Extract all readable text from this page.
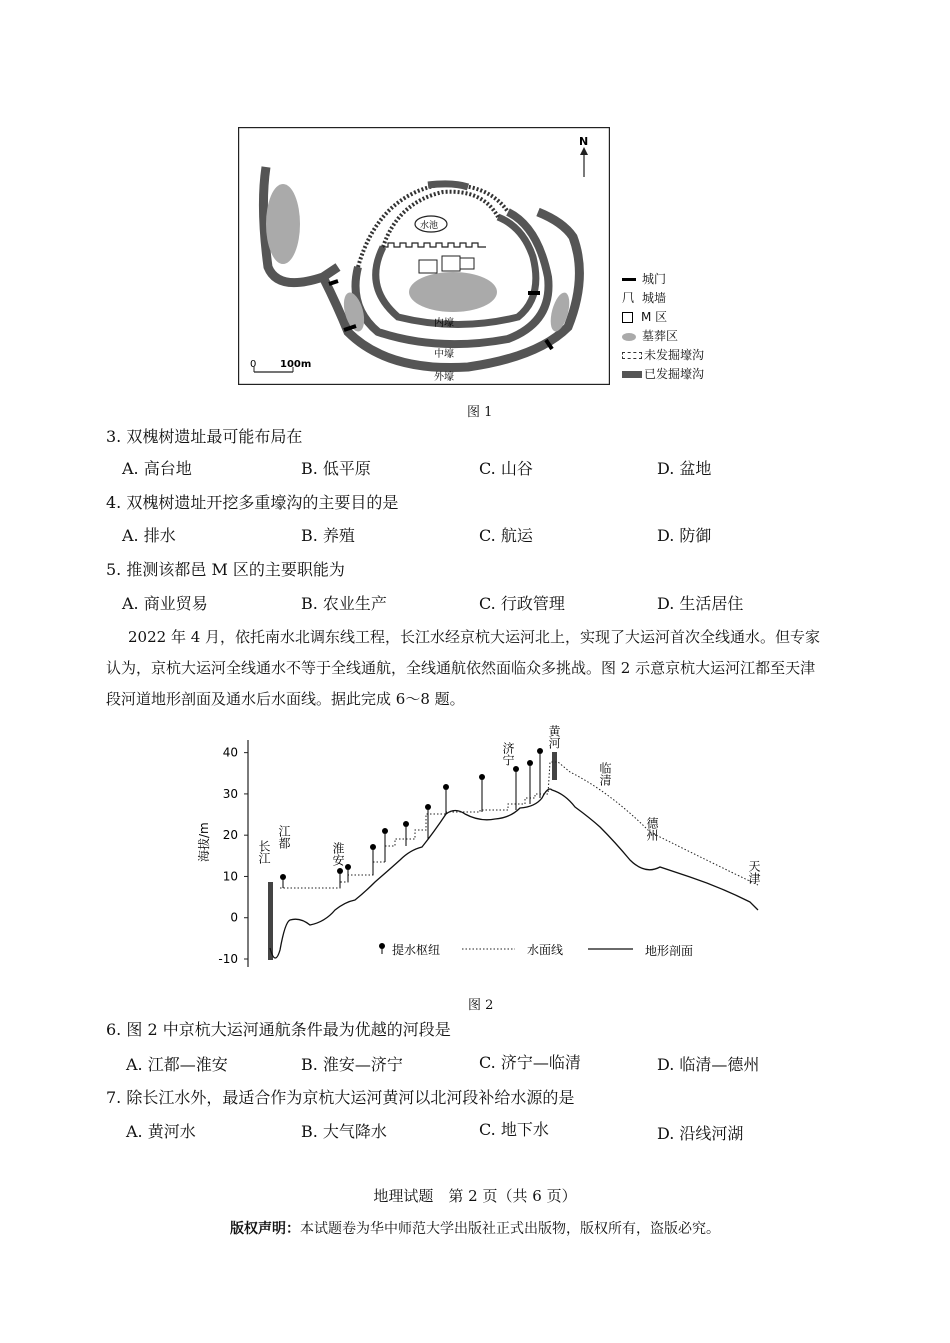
N
水池
内壕
中壕
外壕
0 100m
城门
⺇ 城墙
M 区
墓葬区
未发掘壕沟
已发掘壕沟
图 1
3. 双槐树遗址最可能布局在
A. 高台地	B. 低平原	C. 山谷	D. 盆地
4. 双槐树遗址开挖多重壕沟的主要目的是
A. 排水	B. 养殖	C. 航运	D. 防御
5. 推测该都邑 M 区的主要职能为
A. 商业贸易	B. 农业生产	C. 行政管理	D. 生活居住
2022 年 4 月，依托南水北调东线工程，长江水经京杭大运河北上，实现了大运河首次全线通水。但专家
认为，京杭大运河全线通水不等于全线通航，全线通航依然面临众多挑战。图 2 示意京杭大运河江都至天津
段河道地形剖面及通水后水面线。据此完成 6～8 题。
40
30
20
10
0
-10
海拔/m	长江
江都
淮安
济宁
黄河
临清
德州
天津
提水枢纽	水面线	地形剖面
图 2
6. 图 2 中京杭大运河通航条件最为优越的河段是
A. 江都—淮安	B. 淮安—济宁	C. 济宁—临清	D. 临清—德州
7. 除长江水外，最适合作为京杭大运河黄河以北河段补给水源的是
A. 黄河水	B. 大气降水	C. 地下水	D. 沿线河湖
地理试题　第 2 页（共 6 页）
版权声明：本试题卷为华中师范大学出版社正式出版物，版权所有，盗版必究。
